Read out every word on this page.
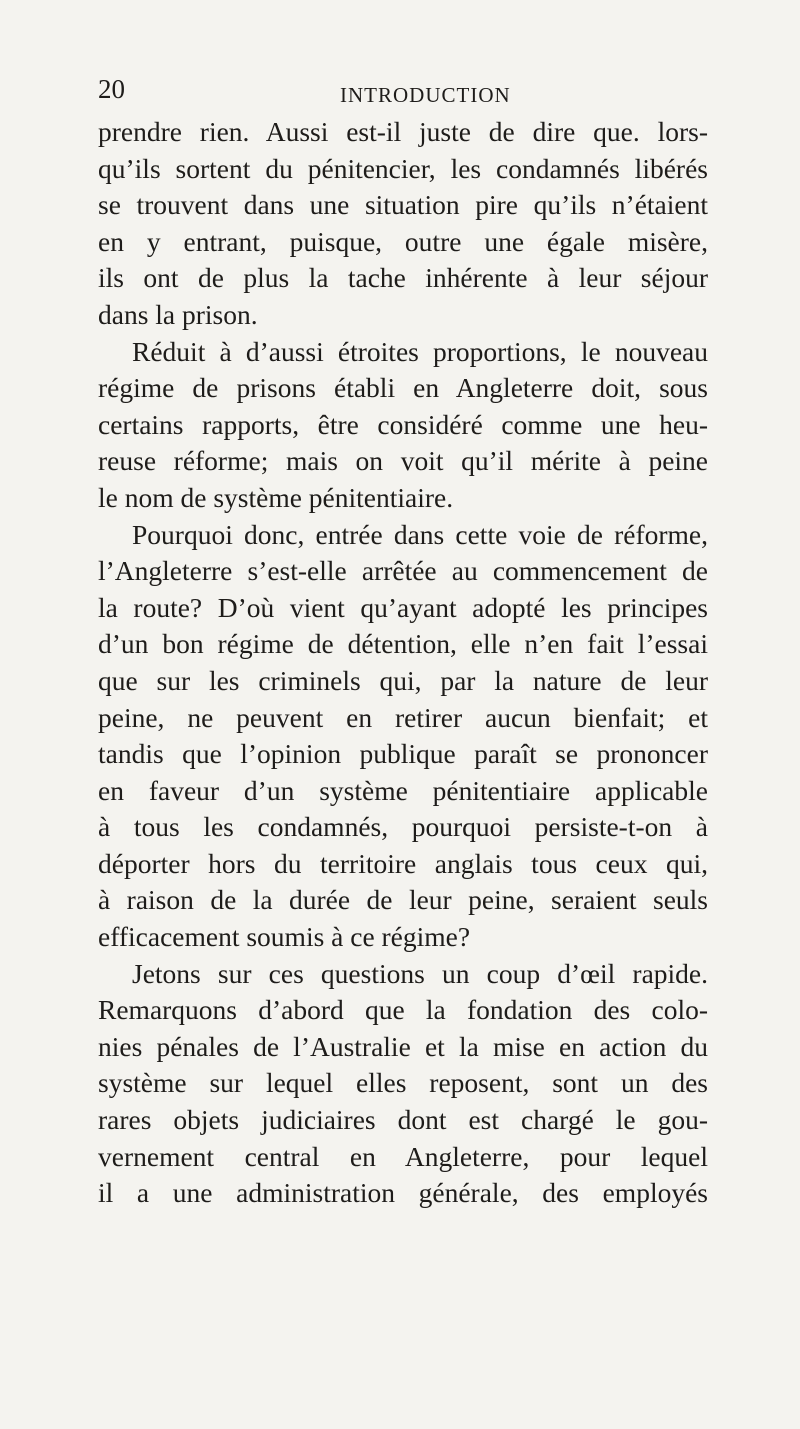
20	INTRODUCTION
prendre rien. Aussi est-il juste de dire que. lors-
qu’ils sortent du pénitencier, les condamnés libérés
se trouvent dans une situation pire qu’ils n’étaient
en y entrant, puisque, outre une égale misère,
ils ont de plus la tache inhérente à leur séjour
dans la prison.
Réduit à d’aussi étroites proportions, le nouveau
régime de prisons établi en Angleterre doit, sous
certains rapports, être considéré comme une heu-
reuse réforme; mais on voit qu’il mérite à peine
le nom de système pénitentiaire.
Pourquoi donc, entrée dans cette voie de réforme,
l’Angleterre s’est-elle arrêtée au commencement de
la route? D’où vient qu’ayant adopté les principes
d’un bon régime de détention, elle n’en fait l’essai
que sur les criminels qui, par la nature de leur
peine, ne peuvent en retirer aucun bienfait; et
tandis que l’opinion publique paraît se prononcer
en faveur d’un système pénitentiaire applicable
à tous les condamnés, pourquoi persiste-t-on à
déporter hors du territoire anglais tous ceux qui,
à raison de la durée de leur peine, seraient seuls
efficacement soumis à ce régime?
Jetons sur ces questions un coup d’œil rapide.
Remarquons d’abord que la fondation des colo-
nies pénales de l’Australie et la mise en action du
système sur lequel elles reposent, sont un des
rares objets judiciaires dont est chargé le gou-
vernement central en Angleterre, pour lequel
il a une administration générale, des employés
